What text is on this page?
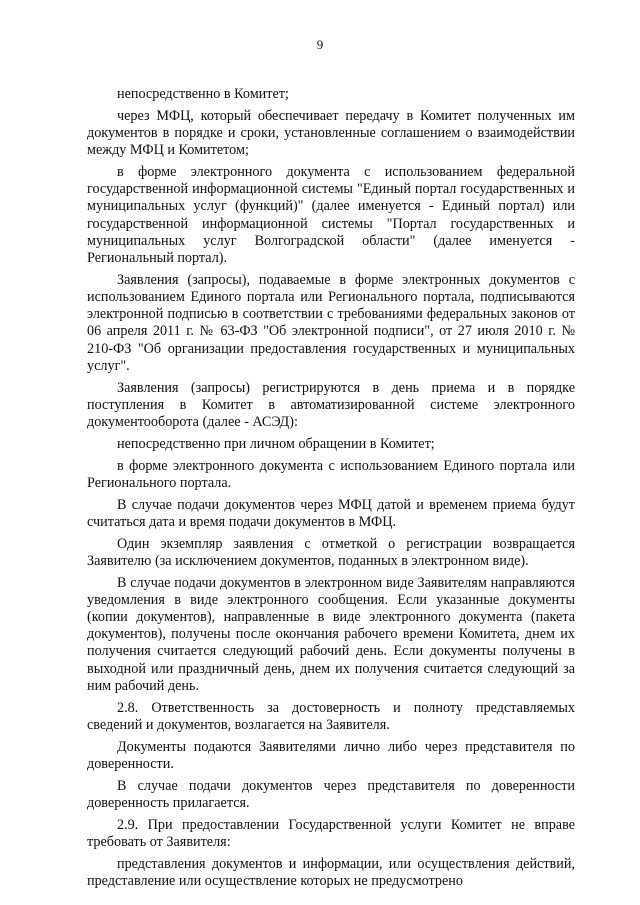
9

непосредственно в Комитет;

через МФЦ, который обеспечивает передачу в Комитет полученных им документов в порядке и сроки, установленные соглашением о взаимодействии между МФЦ и Комитетом;

в форме электронного документа с использованием федеральной государственной информационной системы "Единый портал государственных и муниципальных услуг (функций)" (далее именуется - Единый портал) или государственной информационной системы "Портал государственных и муниципальных услуг Волгоградской области" (далее именуется - Региональный портал).

Заявления (запросы), подаваемые в форме электронных документов с использованием Единого портала или Регионального портала, подписываются электронной подписью в соответствии с требованиями федеральных законов от 06 апреля 2011 г. № 63-ФЗ "Об электронной подписи", от 27 июля 2010 г. № 210-ФЗ "Об организации предоставления государственных и муниципальных услуг".

Заявления (запросы) регистрируются в день приема и в порядке поступления в Комитет в автоматизированной системе электронного документооборота (далее - АСЭД):

непосредственно при личном обращении в Комитет;

в форме электронного документа с использованием Единого портала или Регионального портала.

В случае подачи документов через МФЦ датой и временем приема будут считаться дата и время подачи документов в МФЦ.

Один экземпляр заявления с отметкой о регистрации возвращается Заявителю (за исключением документов, поданных в электронном виде).

В случае подачи документов в электронном виде Заявителям направляются уведомления в виде электронного сообщения. Если указанные документы (копии документов), направленные в виде электронного документа (пакета документов), получены после окончания рабочего времени Комитета, днем их получения считается следующий рабочий день. Если документы получены в выходной или праздничный день, днем их получения считается следующий за ним рабочий день.

2.8. Ответственность за достоверность и полноту представляемых сведений и документов, возлагается на Заявителя.

Документы подаются Заявителями лично либо через представителя по доверенности.

В случае подачи документов через представителя по доверенности доверенность прилагается.

2.9. При предоставлении Государственной услуги Комитет не вправе требовать от Заявителя:

представления документов и информации, или осуществления действий, представление или осуществление которых не предусмотрено
